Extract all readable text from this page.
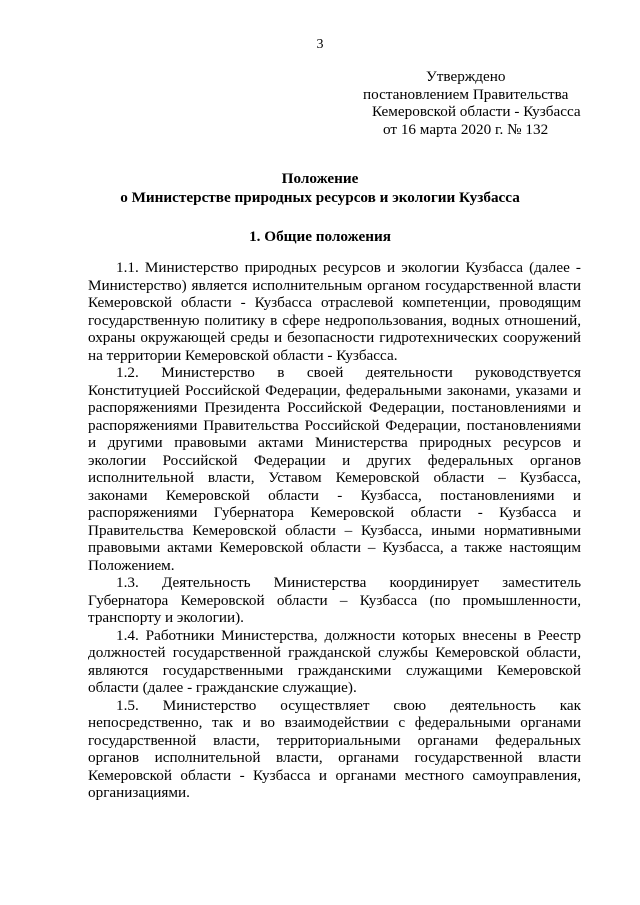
3
Утверждено
постановлением Правительства
Кемеровской области - Кузбасса
от 16 марта 2020 г. № 132
Положение
о Министерстве природных ресурсов и экологии Кузбасса
1. Общие положения

1.1. Министерство природных ресурсов и экологии Кузбасса (далее - Министерство) является исполнительным органом государственной власти Кемеровской области - Кузбасса отраслевой компетенции, проводящим государственную политику в сфере недропользования, водных отношений, охраны окружающей среды и безопасности гидротехнических сооружений на территории Кемеровской области - Кузбасса.

1.2. Министерство в своей деятельности руководствуется Конституцией Российской Федерации, федеральными законами, указами и распоряжениями Президента Российской Федерации, постановлениями и распоряжениями Правительства Российской Федерации, постановлениями и другими правовыми актами Министерства природных ресурсов и экологии Российской Федерации и других федеральных органов исполнительной власти, Уставом Кемеровской области – Кузбасса, законами Кемеровской области - Кузбасса, постановлениями и распоряжениями Губернатора Кемеровской области - Кузбасса и Правительства Кемеровской области – Кузбасса, иными нормативными правовыми актами Кемеровской области – Кузбасса, а также настоящим Положением.

1.3. Деятельность Министерства координирует заместитель Губернатора Кемеровской области – Кузбасса (по промышленности, транспорту и экологии).

1.4. Работники Министерства, должности которых внесены в Реестр должностей государственной гражданской службы Кемеровской области, являются государственными гражданскими служащими Кемеровской области (далее - гражданские служащие).

1.5. Министерство осуществляет свою деятельность как непосредственно, так и во взаимодействии с федеральными органами государственной власти, территориальными органами федеральных органов исполнительной власти, органами государственной власти Кемеровской области - Кузбасса и органами местного самоуправления, организациями.
